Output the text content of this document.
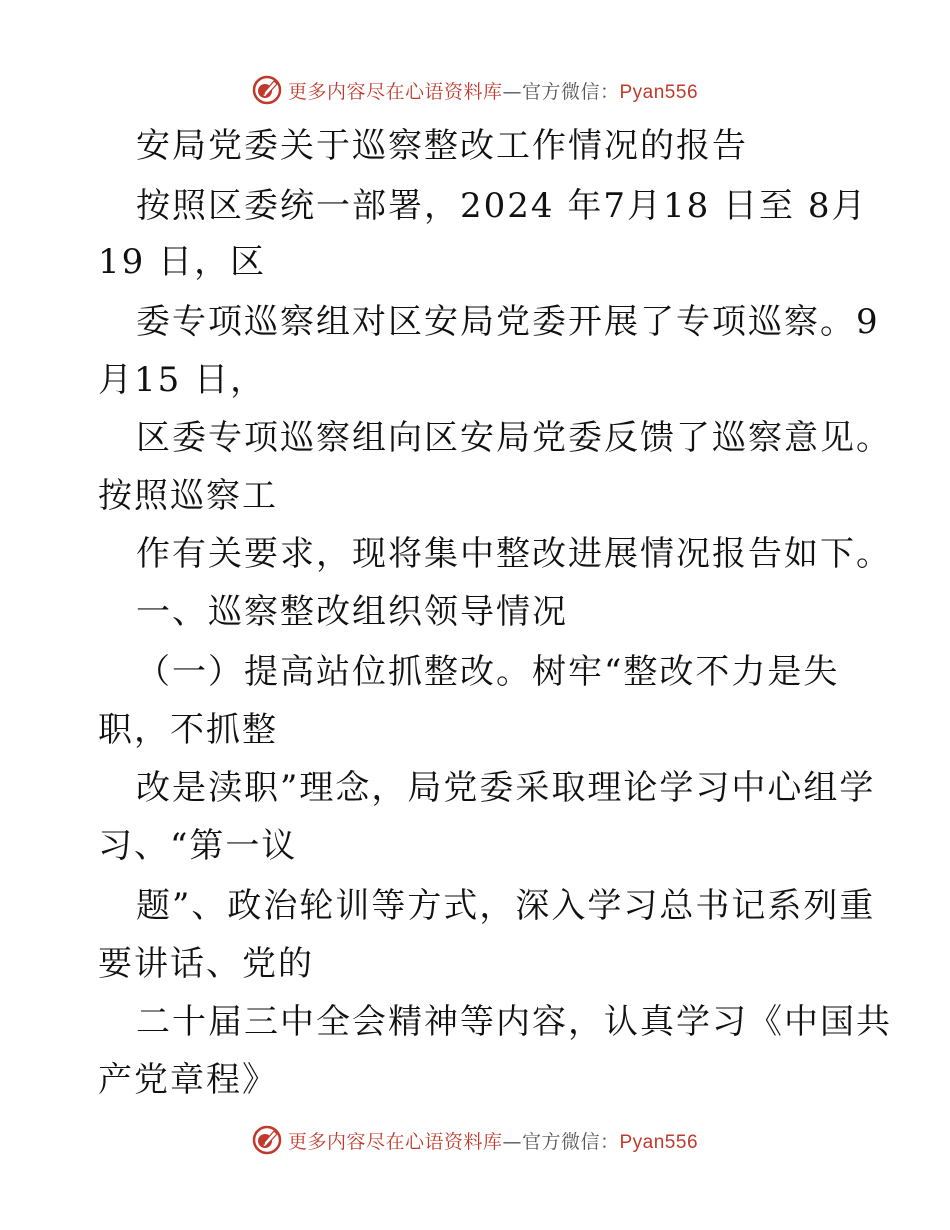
更多内容尽在心语资料库—官方微信：Pyan556
安局党委关于巡察整改工作情况的报告
按照区委统一部署，2024 年7月18 日至 8月
19 日，区
委专项巡察组对区安局党委开展了专项巡察。9
月15 日，
区委专项巡察组向区安局党委反馈了巡察意见。
按照巡察工
作有关要求，现将集中整改进展情况报告如下。
一、巡察整改组织领导情况
（一）提高站位抓整改。树牢“整改不力是失
职，不抓整
改是渎职”理念，局党委采取理论学习中心组学
习、“第一议
题”、政治轮训等方式，深入学习总书记系列重
要讲话、党的
二十届三中全会精神等内容，认真学习《中国共
产党章程》
更多内容尽在心语资料库—官方微信：Pyan556
